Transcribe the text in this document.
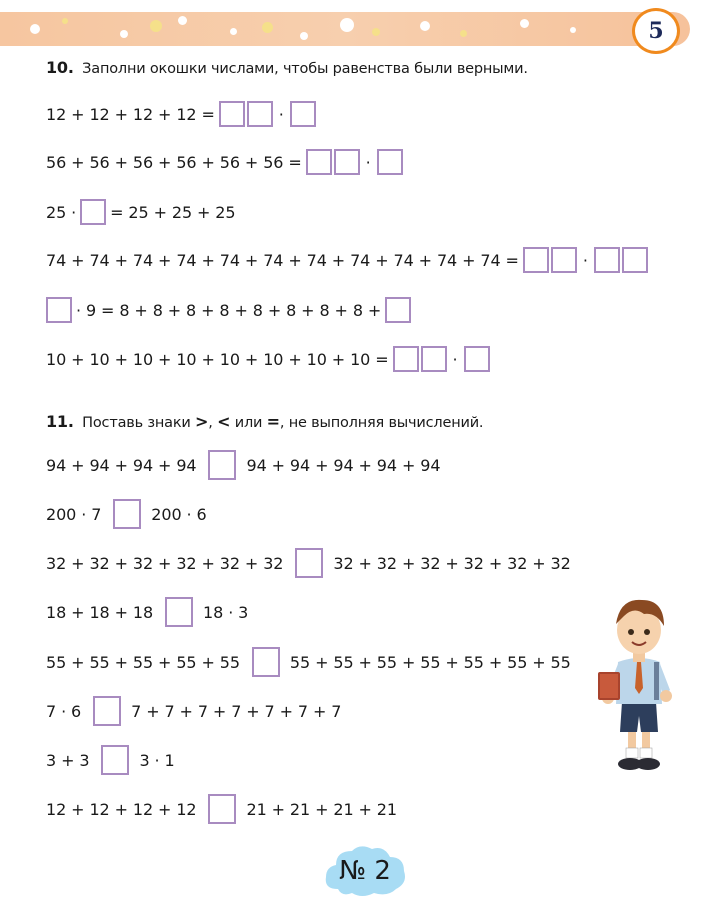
5
10. Заполни окошки числами, чтобы равенства были верными.
12 + 12 + 12 + 12 =	·
56 + 56 + 56 + 56 + 56 + 56 =	·
25 · = 25 + 25 + 25
74 + 74 + 74 + 74 + 74 + 74 + 74 + 74 + 74 + 74 + 74 =	·
· 9 = 8 + 8 + 8 + 8 + 8 + 8 + 8 + 8 +
10 + 10 + 10 + 10 + 10 + 10 + 10 + 10 =	·
11. Поставь знаки >, < или =, не выполняя вычислений.
94 + 94 + 94 + 94	94 + 94 + 94 + 94 + 94
200 · 7	200 · 6
32 + 32 + 32 + 32 + 32 + 32	32 + 32 + 32 + 32 + 32 + 32
18 + 18 + 18	18 · 3
55 + 55 + 55 + 55 + 55	55 + 55 + 55 + 55 + 55 + 55 + 55
7 · 6	7 + 7 + 7 + 7 + 7 + 7 + 7
3 + 3	3 · 1
12 + 12 + 12 + 12	21 + 21 + 21 + 21
№ 2
